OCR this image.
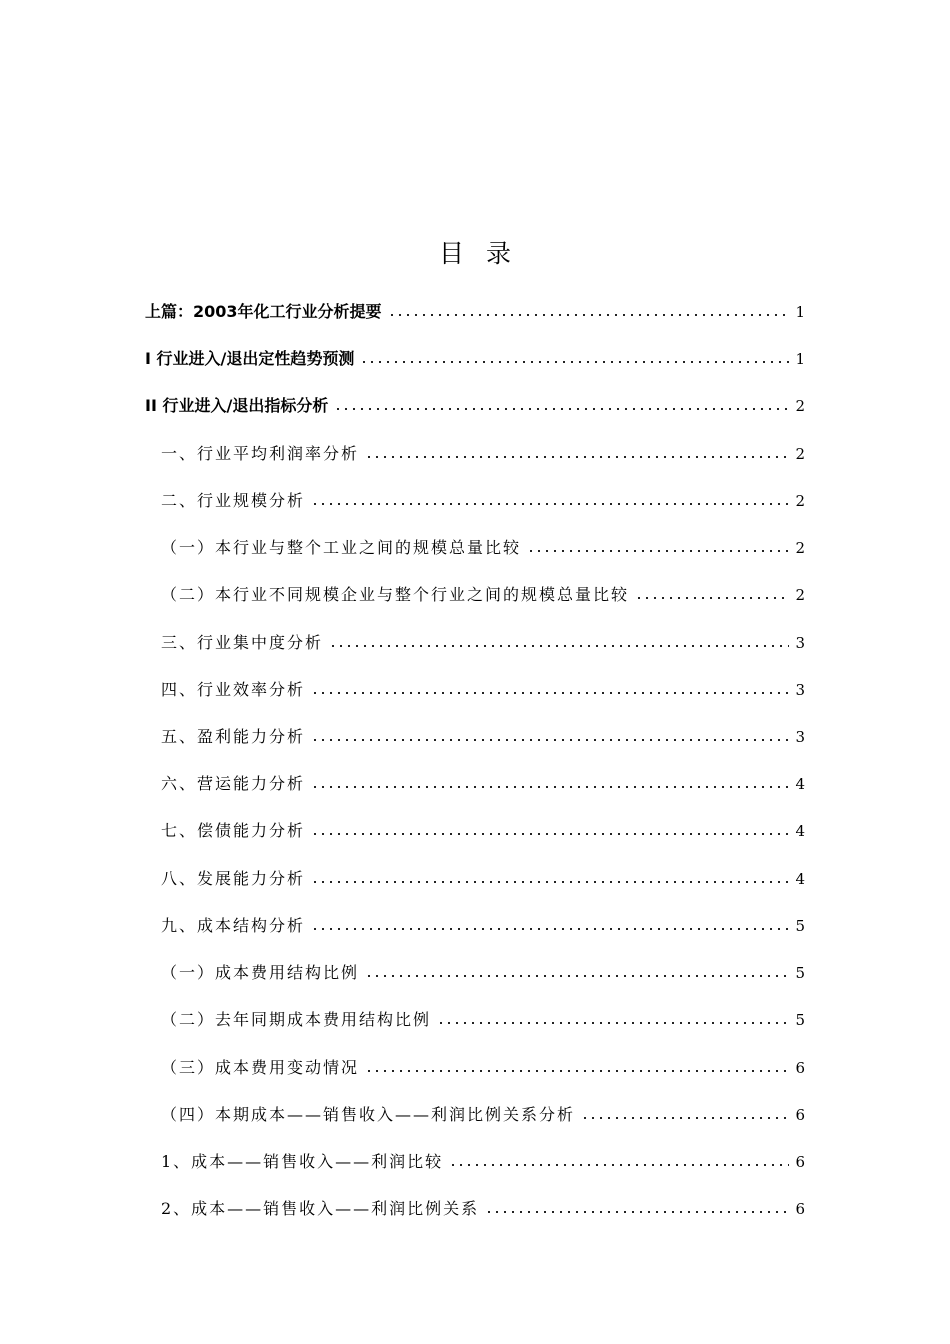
目录
上篇：2003年化工行业分析提要	1
I 行业进入/退出定性趋势预测	1
II 行业进入/退出指标分析	2
一、行业平均利润率分析	2
二、行业规模分析	2
（一）本行业与整个工业之间的规模总量比较	2
（二）本行业不同规模企业与整个行业之间的规模总量比较	2
三、行业集中度分析	3
四、行业效率分析	3
五、盈利能力分析	3
六、营运能力分析	4
七、偿债能力分析	4
八、发展能力分析	4
九、成本结构分析	5
（一）成本费用结构比例	5
（二）去年同期成本费用结构比例	5
（三）成本费用变动情况	6
（四）本期成本——销售收入——利润比例关系分析	6
1、成本——销售收入——利润比较	6
2、成本——销售收入——利润比例关系	6
